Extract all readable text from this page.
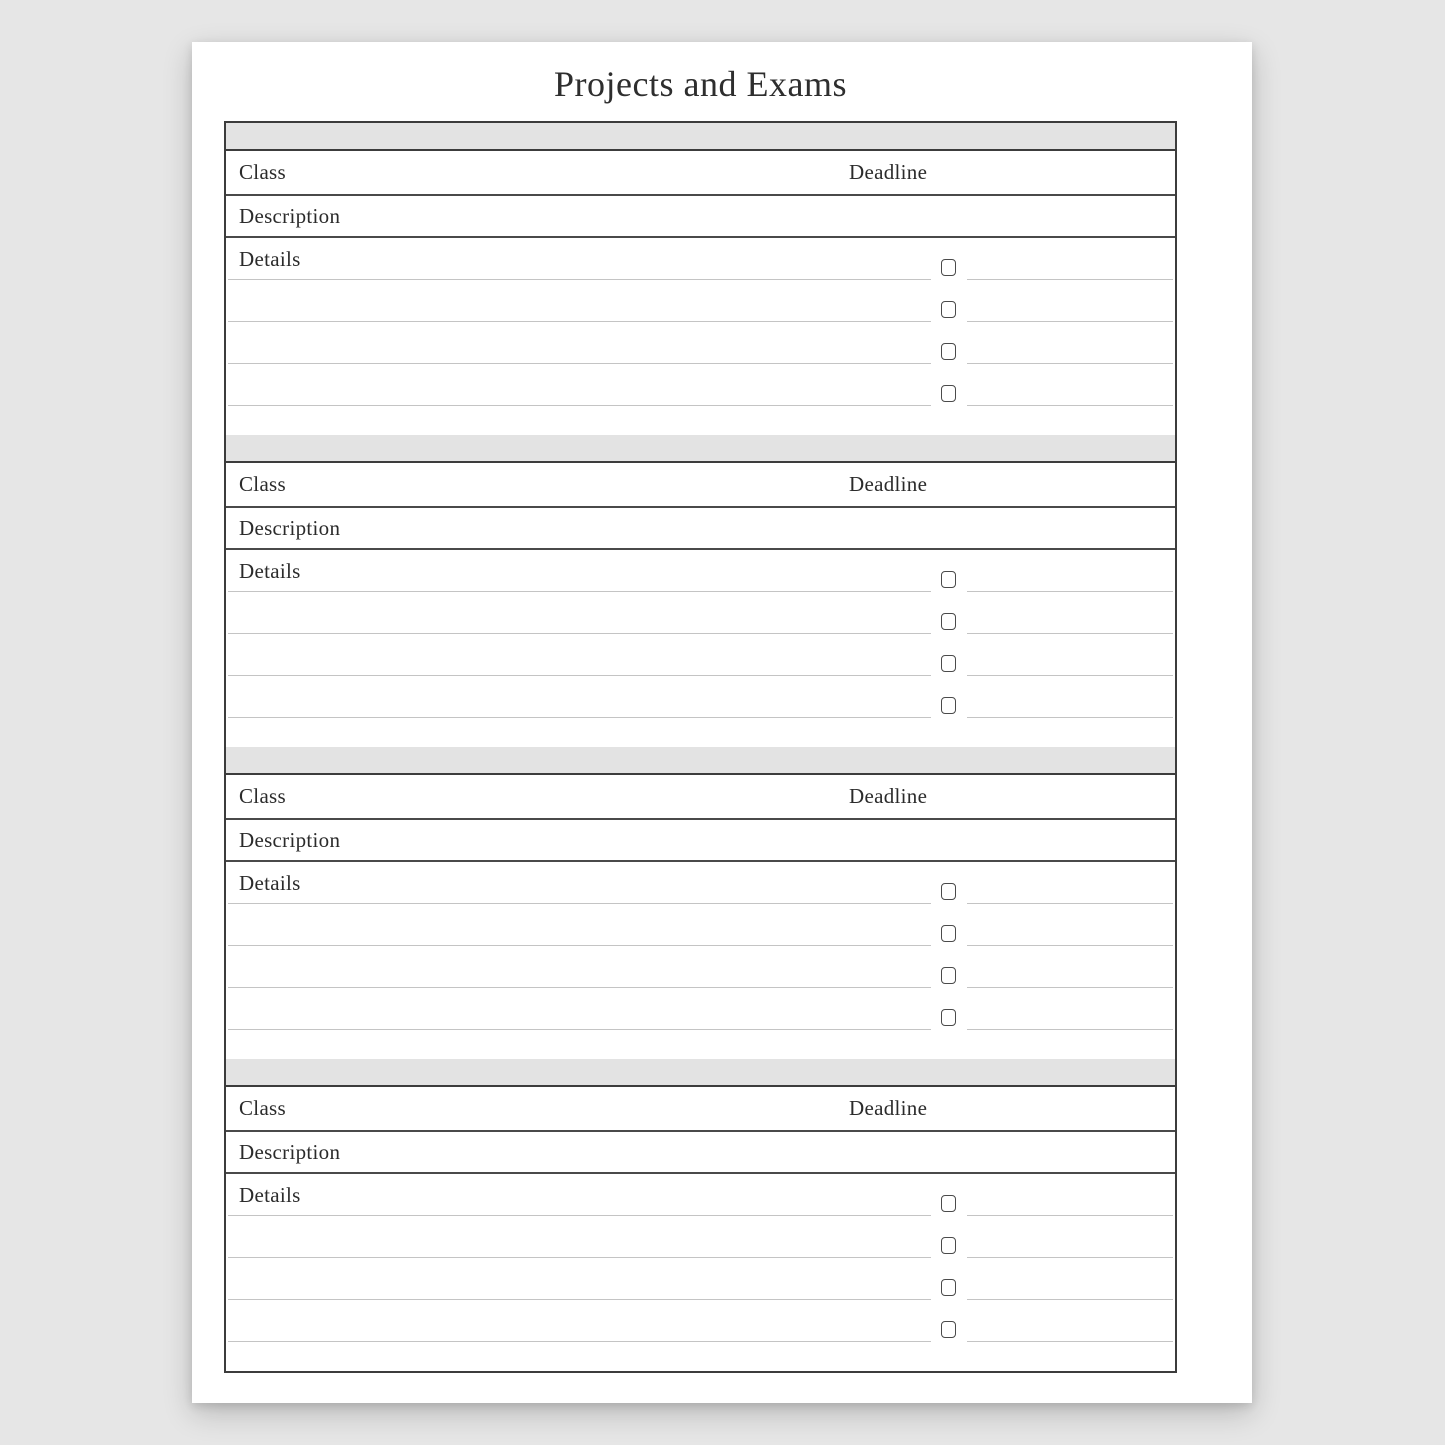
Projects and Exams
Class	Deadline
Description
Details
Class	Deadline
Description
Details
Class	Deadline
Description
Details
Class	Deadline
Description
Details
